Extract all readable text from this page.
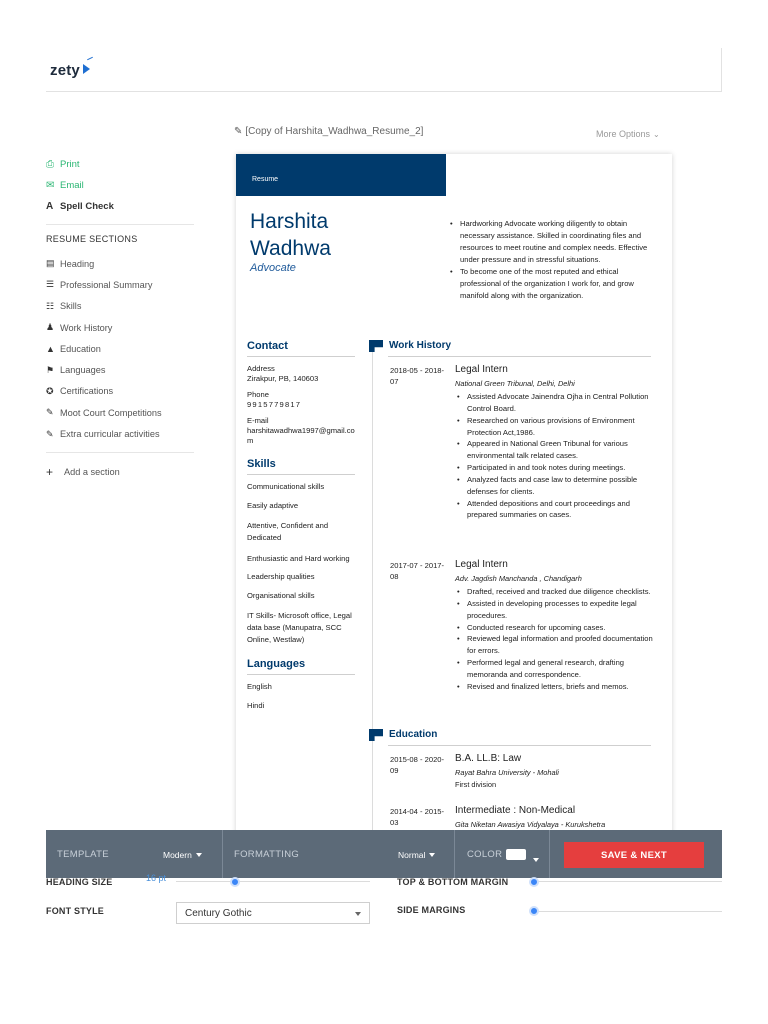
zety
✎ [Copy of Harshita_Wadhwa_Resume_2]	More Options ⌄
⎙ Print
✉ Email
A Spell Check
RESUME SECTIONS
▤ Heading
☰ Professional Summary
☷ Skills
♟ Work History
▲ Education
⚑ Languages
✪ Certifications
✎ Moot Court Competitions
✎ Extra curricular activities
+	Add a section
Resume
Harshita
Wadhwa
Advocate
• Hardworking Advocate working diligently to obtain necessary assistance. Skilled in coordinating files and resources to meet routine and complex needs. Effective under pressure and in stressful situations.
• To become one of the most reputed and ethical professional of the organization I work for, and grow manifold along with the organization.
Contact
Address
Zirakpur, PB, 140603
Phone
9915779817
E-mail
harshitawadhwa1997@gmail.com
Skills
Communicational skills
Easily adaptive
Attentive, Confident and Dedicated
Enthusiastic and Hard working
Leadership qualities
Organisational skills
IT Skills- Microsoft office, Legal data base (Manupatra, SCC Online, Westlaw)
Languages
English
Hindi
Work History
2018-05 - 2018-07
Legal Intern
National Green Tribunal, Delhi, Delhi
• Assisted Advocate Jainendra Ojha in Central Pollution Control Board.
• Researched on various provisions of Environment Protection Act,1986.
• Appeared in National Green Tribunal for various environmental talk related cases.
• Participated in and took notes during meetings.
• Analyzed facts and case law to determine possible defenses for clients.
• Attended depositions and court proceedings and prepared summaries on cases.
2017-07 - 2017-08
Legal Intern
Adv. Jagdish Manchanda , Chandigarh
• Drafted, received and tracked due diligence checklists.
• Assisted in developing processes to expedite legal procedures.
• Conducted research for upcoming cases.
• Reviewed legal information and proofed documentation for errors.
• Performed legal and general research, drafting memoranda and correspondence.
• Revised and finalized letters, briefs and memos.
Education
2015-08 - 2020-09
B.A. LL.B: Law
Rayat Bahra University - Mohali
First division
2014-04 - 2015-03
Intermediate : Non-Medical
Gita Niketan Awasiya Vidyalaya - Kurukshetra
TEMPLATE	Modern	FORMATTING	Normal	COLOR	SAVE & NEXT
HEADING SIZE	16 pt	TOP & BOTTOM MARGIN
FONT STYLE	Century Gothic	SIDE MARGINS
